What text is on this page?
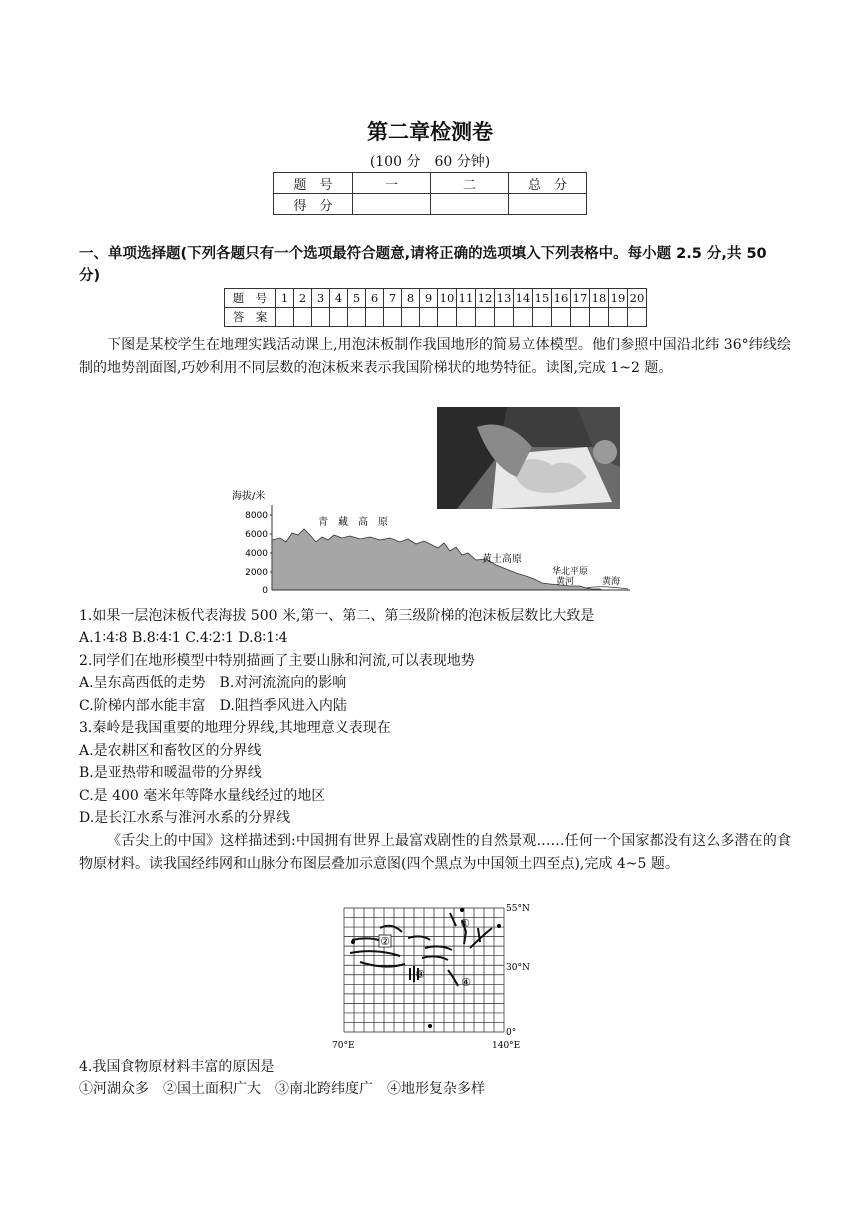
第二章检测卷
(100 分　60 分钟)
题　号	一	二	总　分
得　分			
一、单项选择题(下列各题只有一个选项最符合题意,请将正确的选项填入下列表格中。每小题 2.5 分,共 50 分)
题　号	1	2	3	4	5	6	7	8	9	10	11	12	13	14	15	16	17	18	19	20
答　案																				
下图是某校学生在地理实践活动课上,用泡沫板制作我国地形的简易立体模型。他们参照中国沿北纬 36°纬线绘制的地势剖面图,巧妙利用不同层数的泡沫板来表示我国阶梯状的地势特征。读图,完成 1~2 题。
海拔/米
8000
6000
4000
2000
0
青　藏　高　原
黄土高原
华北平原
黄河	黄海
1.如果一层泡沫板代表海拔 500 米,第一、第二、第三级阶梯的泡沫板层数比大致是
A.1∶4∶8 B.8∶4∶1 C.4∶2∶1 D.8∶1∶4
2.同学们在地形模型中特别描画了主要山脉和河流,可以表现地势
A.呈东高西低的走势　B.对河流流向的影响
C.阶梯内部水能丰富　D.阻挡季风进入内陆
3.秦岭是我国重要的地理分界线,其地理意义表现在
A.是农耕区和畜牧区的分界线
B.是亚热带和暖温带的分界线
C.是 400 毫米年等降水量线经过的地区
D.是长江水系与淮河水系的分界线
《舌尖上的中国》这样描述到:中国拥有世界上最富戏剧性的自然景观……任何一个国家都没有这么多潜在的食物原材料。读我国经纬网和山脉分布图层叠加示意图(四个黑点为中国领土四至点),完成 4~5 题。
②
①
③
④
55°N
30°N
0°
70°E	140°E
4.我国食物原材料丰富的原因是
①河湖众多　②国土面积广大　③南北跨纬度广　④地形复杂多样
